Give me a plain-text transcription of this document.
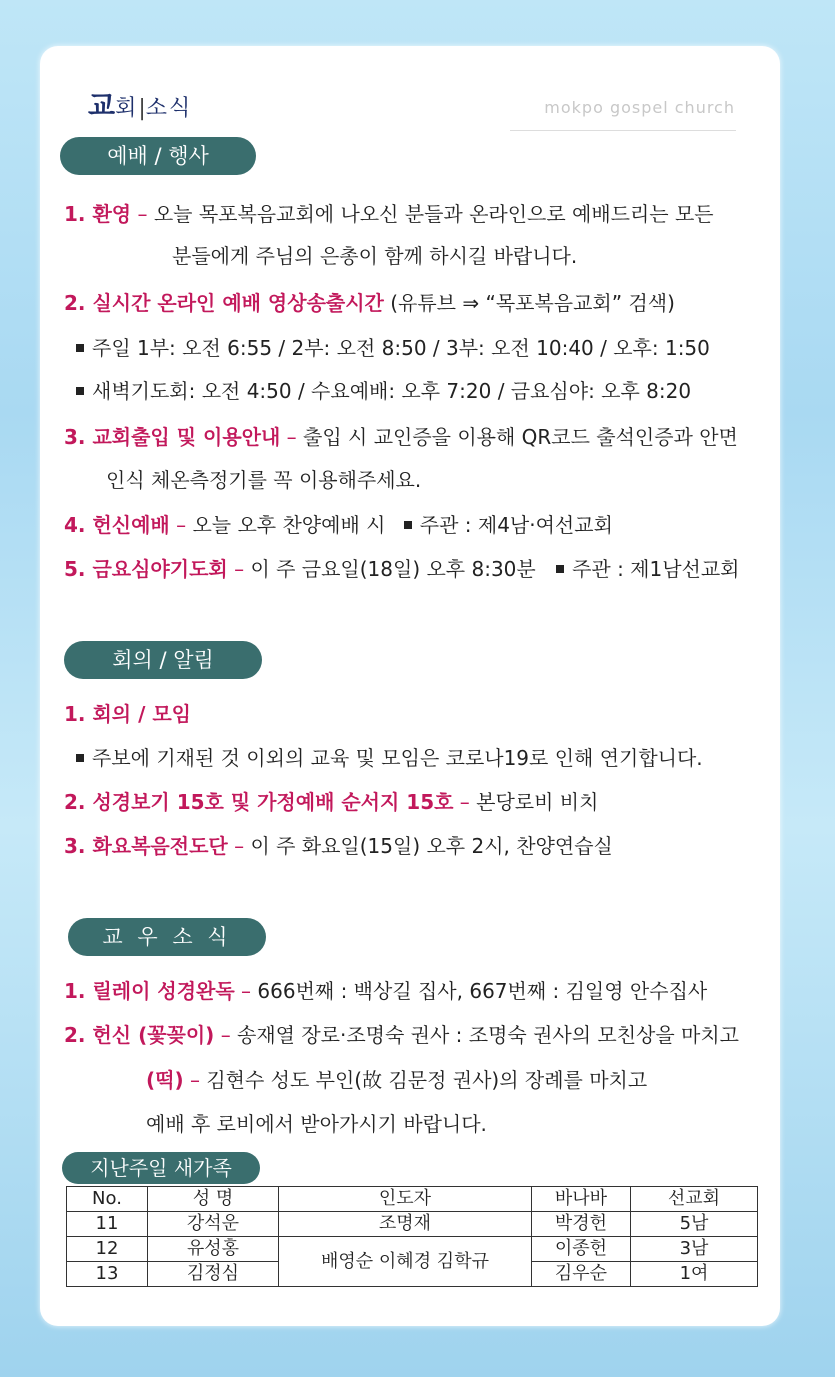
교회|소식	mokpo gospel church
예배 / 행사
1. 환영 – 오늘 목포복음교회에 나오신 분들과 온라인으로 예배드리는 모든
분들에게 주님의 은총이 함께 하시길 바랍니다.
2. 실시간 온라인 예배 영상송출시간 (유튜브 ⇒ “목포복음교회” 검색)
주일 1부: 오전 6:55 / 2부: 오전 8:50 / 3부: 오전 10:40 / 오후: 1:50
새벽기도회: 오전 4:50 / 수요예배: 오후 7:20 / 금요심야: 오후 8:20
3. 교회출입 및 이용안내 – 출입 시 교인증을 이용해 QR코드 출석인증과 안면
인식 체온측정기를 꼭 이용해주세요.
4. 헌신예배 – 오늘 오후 찬양예배 시 주관 : 제4남·여선교회
5. 금요심야기도회 – 이 주 금요일(18일) 오후 8:30분 주관 : 제1남선교회
회의 / 알림
1. 회의 / 모임
주보에 기재된 것 이외의 교육 및 모임은 코로나19로 인해 연기합니다.
2. 성경보기 15호 및 가정예배 순서지 15호 – 본당로비 비치
3. 화요복음전도단 – 이 주 화요일(15일) 오후 2시, 찬양연습실
교 우 소 식
1. 릴레이 성경완독 – 666번째 : 백상길 집사, 667번째 : 김일영 안수집사
2. 헌신 (꽃꽂이) – 송재열 장로·조명숙 권사 : 조명숙 권사의 모친상을 마치고
(떡) – 김현수 성도 부인(故 김문정 권사)의 장례를 마치고
예배 후 로비에서 받아가시기 바랍니다.
지난주일 새가족
No.	성 명	인도자	바나바	선교회
11	강석운	조명재	박경헌	5남
12	유성홍	배영순 이혜경 김학규	이종헌	3남
13	김정심		김우순	1여
